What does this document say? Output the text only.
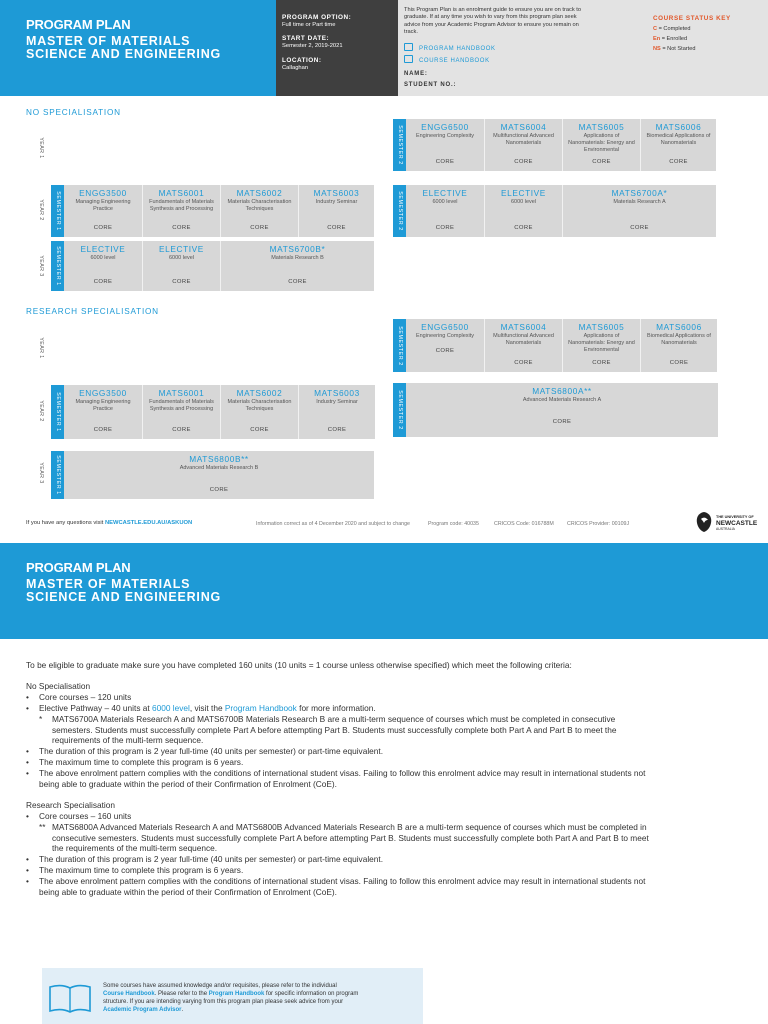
PROGRAM PLAN
MASTER OF MATERIALS
SCIENCE AND ENGINEERING
PROGRAM OPTION:
Full time or Part time
START DATE:
Semester 2, 2019-2021
LOCATION:
Callaghan
This Program Plan is an enrolment guide to ensure you are on track to
graduate. If at any time you wish to vary from this program plan seek
advice from your Academic Program Advisor to ensure you remain on
track.
PROGRAM HANDBOOK
COURSE HANDBOOK
NAME:
STUDENT NO.:
COURSE STATUS KEY
C = Completed
En = Enrolled
NS = Not Started
NO SPECIALISATION
YEAR 1
YEAR 2
YEAR 3
SEMESTER 2	ENGG6500
Engineering Complexity
CORE
MATS6004
Multifunctional Advanced Nanomaterials
CORE
MATS6005
Applications of Nanomaterials: Energy and Environmental
CORE
MATS6006
Biomedical Applications of Nanomaterials
CORE
SEMESTER 1	ENGG3500
Managing Engineering Practice
CORE
MATS6001
Fundamentals of Materials Synthesis and Processing
CORE
MATS6002
Materials Characterisation Techniques
CORE
MATS6003
Industry Seminar
CORE	SEMESTER 2	ELECTIVE
6000 level
CORE
ELECTIVE
6000 level
CORE
MATS6700A*
Materials Research A
CORE
SEMESTER 1	ELECTIVE
6000 level
CORE
ELECTIVE
6000 level
CORE
MATS6700B*
Materials Research B
CORE
RESEARCH SPECIALISATION
YEAR 1
YEAR 2
YEAR 3
SEMESTER 2	ENGG6500
Engineering Complexity
CORE
MATS6004
Multifunctional Advanced Nanomaterials
CORE
MATS6005
Applications of Nanomaterials: Energy and Environmental
CORE
MATS6006
Biomedical Applications of Nanomaterials
CORE
SEMESTER 1	ENGG3500
Managing Engineering Practice
CORE
MATS6001
Fundamentals of Materials Synthesis and Processing
CORE
MATS6002
Materials Characterisation Techniques
CORE
MATS6003
Industry Seminar
CORE
SEMESTER 2	MATS6800A**
Advanced Materials Research A
CORE
SEMESTER 1	MATS6800B**
Advanced Materials Research B
CORE
If you have any questions visit NEWCASTLE.EDU.AU/ASKUON	Information correct as of 4 December 2020 and subject to change	Program code: 40035	CRICOS Code: 016788M CRICOS Provider: 00109J
THE UNIVERSITY OF
NEWCASTLE
AUSTRALIA
PROGRAM PLAN
MASTER OF MATERIALS
SCIENCE AND ENGINEERING
To be eligible to graduate make sure you have completed 160 units (10 units = 1 course unless otherwise specified) which meet the following criteria:
No Specialisation
• Core courses – 120 units
• Elective Pathway – 40 units at 6000 level, visit the Program Handbook for more information.
* MATS6700A Materials Research A and MATS6700B Materials Research B are a multi-term sequence of courses which must be completed in consecutive
semesters. Students must successfully complete Part A before attempting Part B. Students must successfully complete both Part A and Part B to meet the
requirements of the multi-term sequence.
• The duration of this program is 2 year full-time (40 units per semester) or part-time equivalent.
• The maximum time to complete this program is 6 years.
• The above enrolment pattern complies with the conditions of international student visas. Failing to follow this enrolment advice may result in international students not
being able to graduate within the period of their Confirmation of Enrolment (CoE).
Research Specialisation
• Core courses – 160 units
** MATS6800A Advanced Materials Research A and MATS6800B Advanced Materials Research B are a multi-term sequence of courses which must be completed in
consecutive semesters. Students must successfully complete Part A before attempting Part B. Students must successfully complete both Part A and Part B to meet
the requirements of the multi-term sequence.
• The duration of this program is 2 year full-time (40 units per semester) or part-time equivalent.
• The maximum time to complete this program is 6 years.
• The above enrolment pattern complies with the conditions of international student visas. Failing to follow this enrolment advice may result in international students not
being able to graduate within the period of their Confirmation of Enrolment (CoE).
Some courses have assumed knowledge and/or requisites, please refer to the individual
Course Handbook. Please refer to the Program Handbook for specific information on program
structure. If you are intending varying from this program plan please seek advice from your
Academic Program Advisor.
